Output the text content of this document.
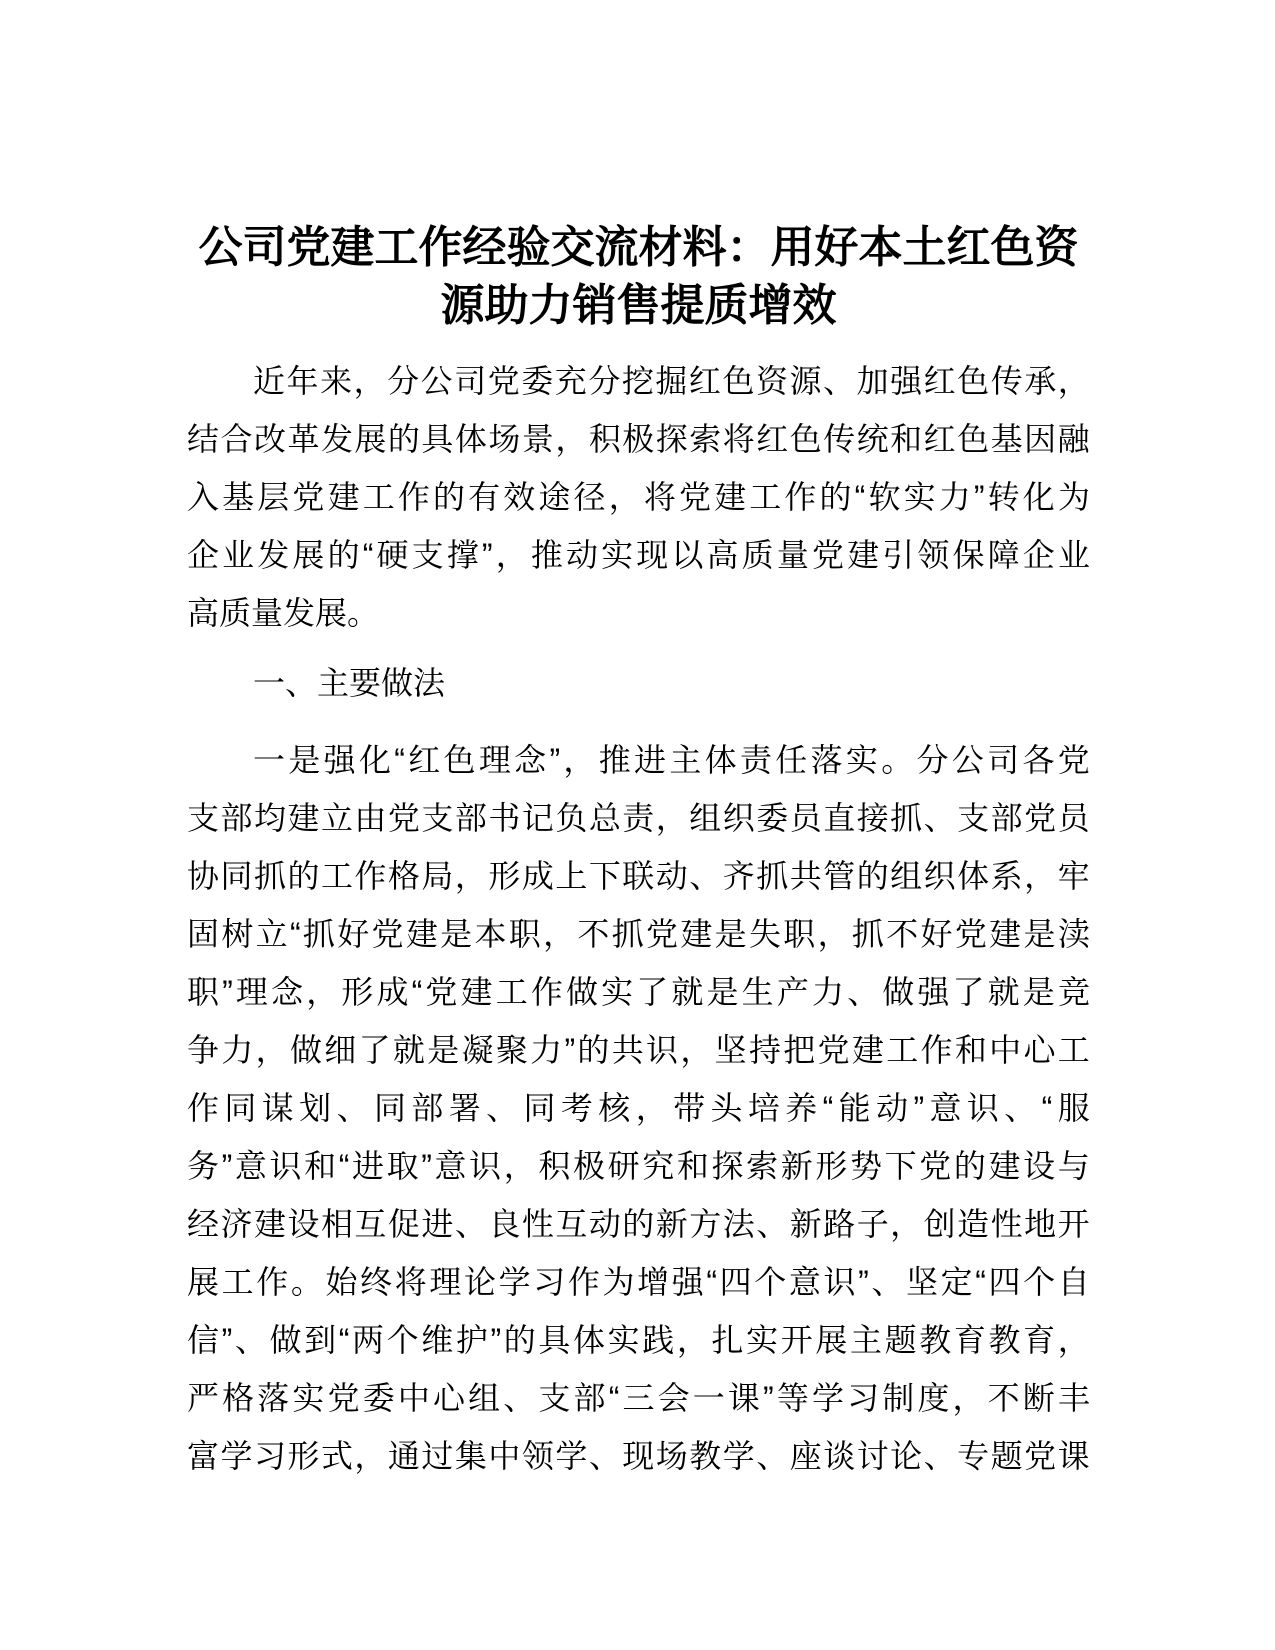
公司党建工作经验交流材料：用好本土红色资
源助力销售提质增效
近 年 来 ， 分 公 司 党 委 充 分 挖 掘 红 色 资 源 、 加 强 红 色 传 承 ，
结 合 改 革 发 展 的 具 体 场 景 ， 积 极 探 索 将 红 色 传 统 和 红 色 基 因 融
入 基 层 党 建 工 作 的 有 效 途 径 ， 将 党 建 工 作 的 “ 软 实 力 ” 转 化 为
企 业 发 展 的 “ 硬 支 撑 ” ， 推 动 实 现 以 高 质 量 党 建 引 领 保 障 企 业
高质量发展。
一、主要做法
一 是 强 化 “ 红 色 理 念 ” ， 推 进 主 体 责 任 落 实 。 分 公 司 各 党
支 部 均 建 立 由 党 支 部 书 记 负 总 责 ， 组 织 委 员 直 接 抓 、 支 部 党 员
协 同 抓 的 工 作 格 局 ， 形 成 上 下 联 动 、 齐 抓 共 管 的 组 织 体 系 ， 牢
固 树 立 “ 抓 好 党 建 是 本 职 ， 不 抓 党 建 是 失 职 ， 抓 不 好 党 建 是 渎
职 ” 理 念 ， 形 成 “ 党 建 工 作 做 实 了 就 是 生 产 力 、 做 强 了 就 是 竞
争 力 ， 做 细 了 就 是 凝 聚 力 ” 的 共 识 ， 坚 持 把 党 建 工 作 和 中 心 工
作 同 谋 划 、 同 部 署 、 同 考 核 ， 带 头 培 养 “ 能 动 ” 意 识 、 “ 服
务 ” 意 识 和 “ 进 取 ” 意 识 ， 积 极 研 究 和 探 索 新 形 势 下 党 的 建 设 与
经 济 建 设 相 互 促 进 、 良 性 互 动 的 新 方 法 、 新 路 子 ， 创 造 性 地 开
展 工 作 。 始 终 将 理 论 学 习 作 为 增 强 “ 四 个 意 识 ” 、 坚 定 “ 四 个 自
信 ” 、 做 到 “ 两 个 维 护 ” 的 具 体 实 践 ， 扎 实 开 展 主 题 教 育 教 育 ，
严 格 落 实 党 委 中 心 组 、 支 部 “ 三 会 一 课 ” 等 学 习 制 度 ， 不 断 丰
富 学 习 形 式 ， 通 过 集 中 领 学 、 现 场 教 学 、 座 谈 讨 论 、 专 题 党 课
